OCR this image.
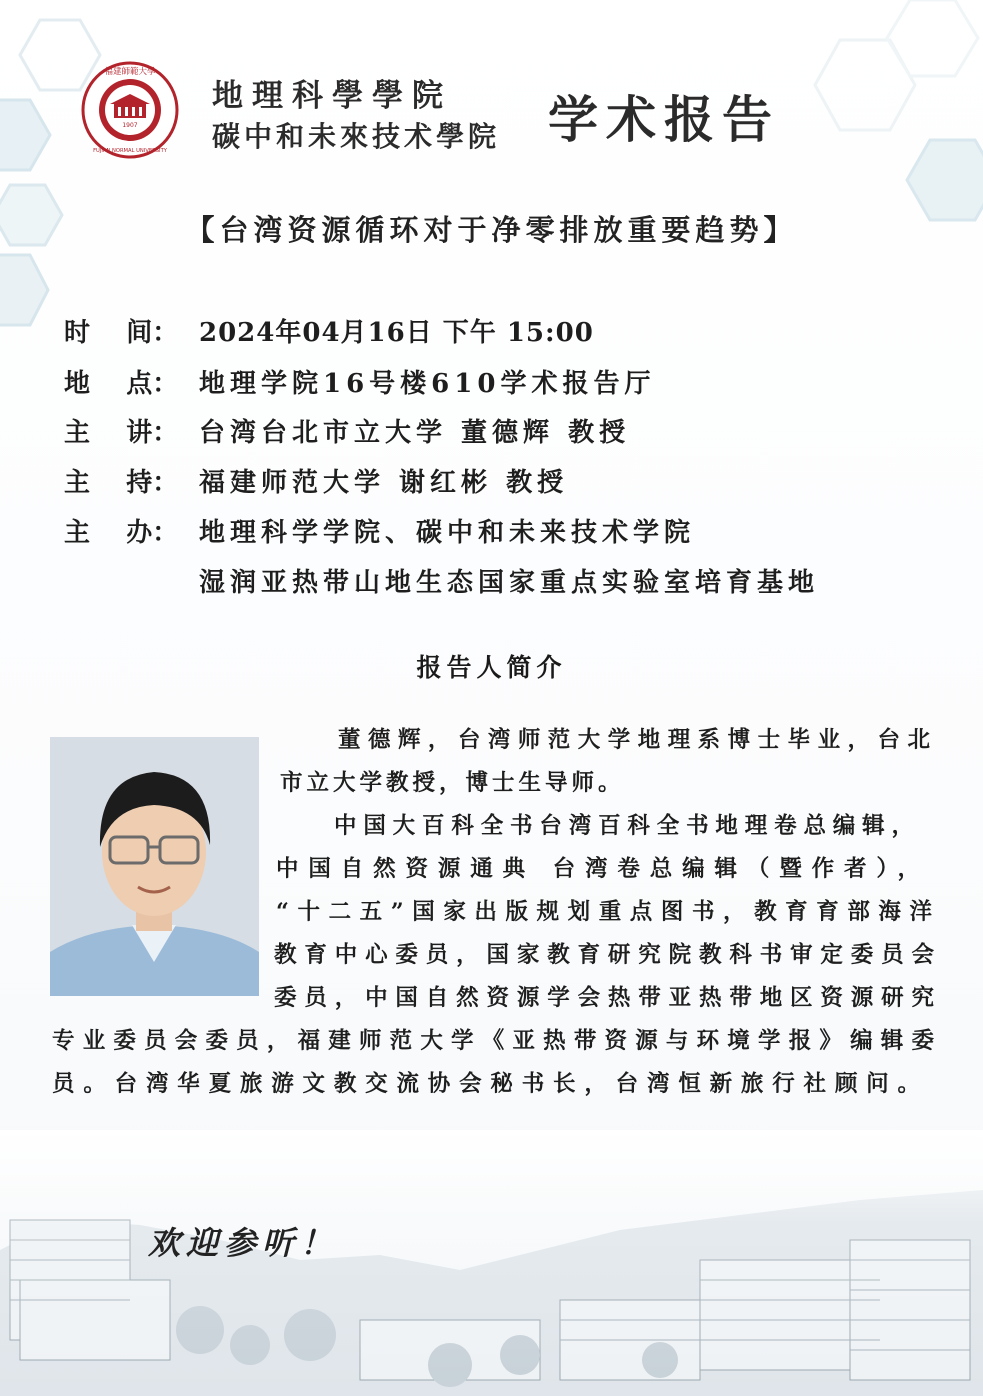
1907
福建師範大學
FUJIAN NORMAL UNIVERSITY
地理科學學院
碳中和未來技术學院 学术报告
【台湾资源循环对于净零排放重要趋势】
时    间： 2024年04月16日 下午 15:00
地    点： 地理学院16号楼610学术报告厅
主    讲： 台湾台北市立大学 董德辉 教授
主    持： 福建师范大学 谢红彬 教授
主    办： 地理科学学院、碳中和未来技术学院
湿润亚热带山地生态国家重点实验室培育基地
报告人简介
董德辉，台湾师范大学地理系博士毕业，台北
市立大学教授，博士生导师。
中国大百科全书台湾百科全书地理卷总编辑，
中国自然资源通典 台湾卷总编辑（暨作者），
“十二五”国家出版规划重点图书，教育育部海洋
教育中心委员，国家教育研究院教科书审定委员会
委员，中国自然资源学会热带亚热带地区资源研究
专业委员会委员，福建师范大学《亚热带资源与环境学报》编辑委
员。台湾华夏旅游文教交流协会秘书长，台湾恒新旅行社顾问。
欢迎参听！
